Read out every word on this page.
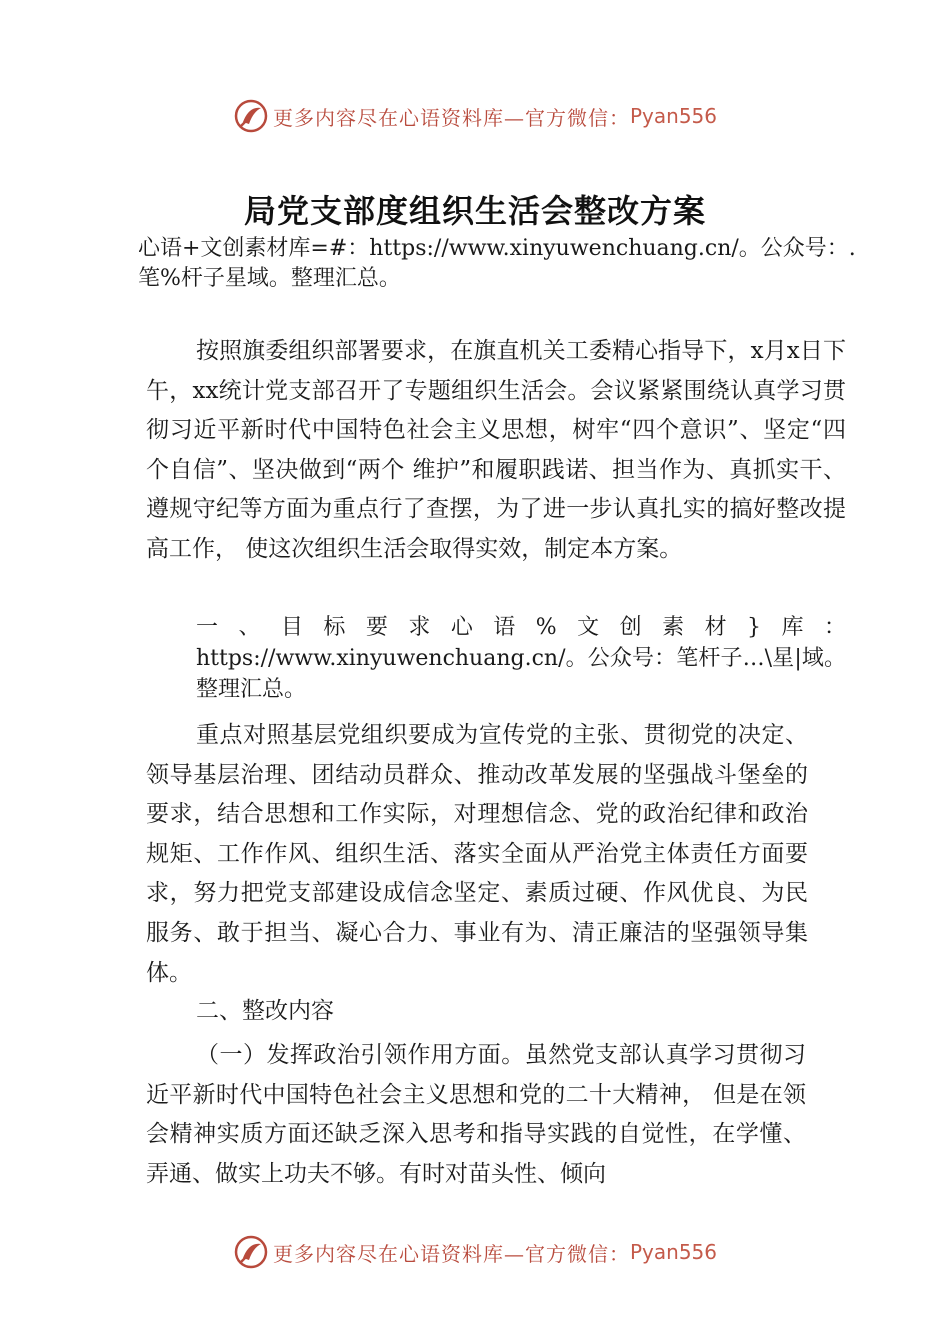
更多内容尽在心语资料库—官方微信： Pyan556
局党支部度组织生活会整改方案

心语+文创素材库=#：https://www.xinyuwenchuang.cn/。公众号：.笔%杆子星域。整理汇总。

按照旗委组织部署要求，在旗直机关工委精心指导下，x月x日下午，xx统计党支部召开了专题组织生活会。会议紧紧围绕认真学习贯彻习近平新时代中国特色社会主义思想，树牢“四个意识”、坚定“四个自信”、坚决做到“两个 维护”和履职践诺、担当作为、真抓实干、遵规守纪等方面为重点行了查摆，为了进一步认真扎实的搞好整改提高工作， 使这次组织生活会取得实效，制定本方案。

一、目标要求心语%文创素材}库：https://www.xinyuwenchuang.cn/。公众号：笔杆子…\星|域。整理汇总。

重点对照基层党组织要成为宣传党的主张、贯彻党的决定、领导基层治理、团结动员群众、推动改革发展的坚强战斗堡垒的要求，结合思想和工作实际，对理想信念、党的政治纪律和政治规矩、工作作风、组织生活、落实全面从严治党主体责任方面要求，努力把党支部建设成信念坚定、素质过硬、作风优良、为民服务、敢于担当、凝心合力、事业有为、清正廉洁的坚强领导集体。

二、整改内容

（一）发挥政治引领作用方面。虽然党支部认真学习贯彻习近平新时代中国特色社会主义思想和党的二十大精神， 但是在领会精神实质方面还缺乏深入思考和指导实践的自觉性，在学懂、弄通、做实上功夫不够。有时对苗头性、倾向

更多内容尽在心语资料库—官方微信： Pyan556
